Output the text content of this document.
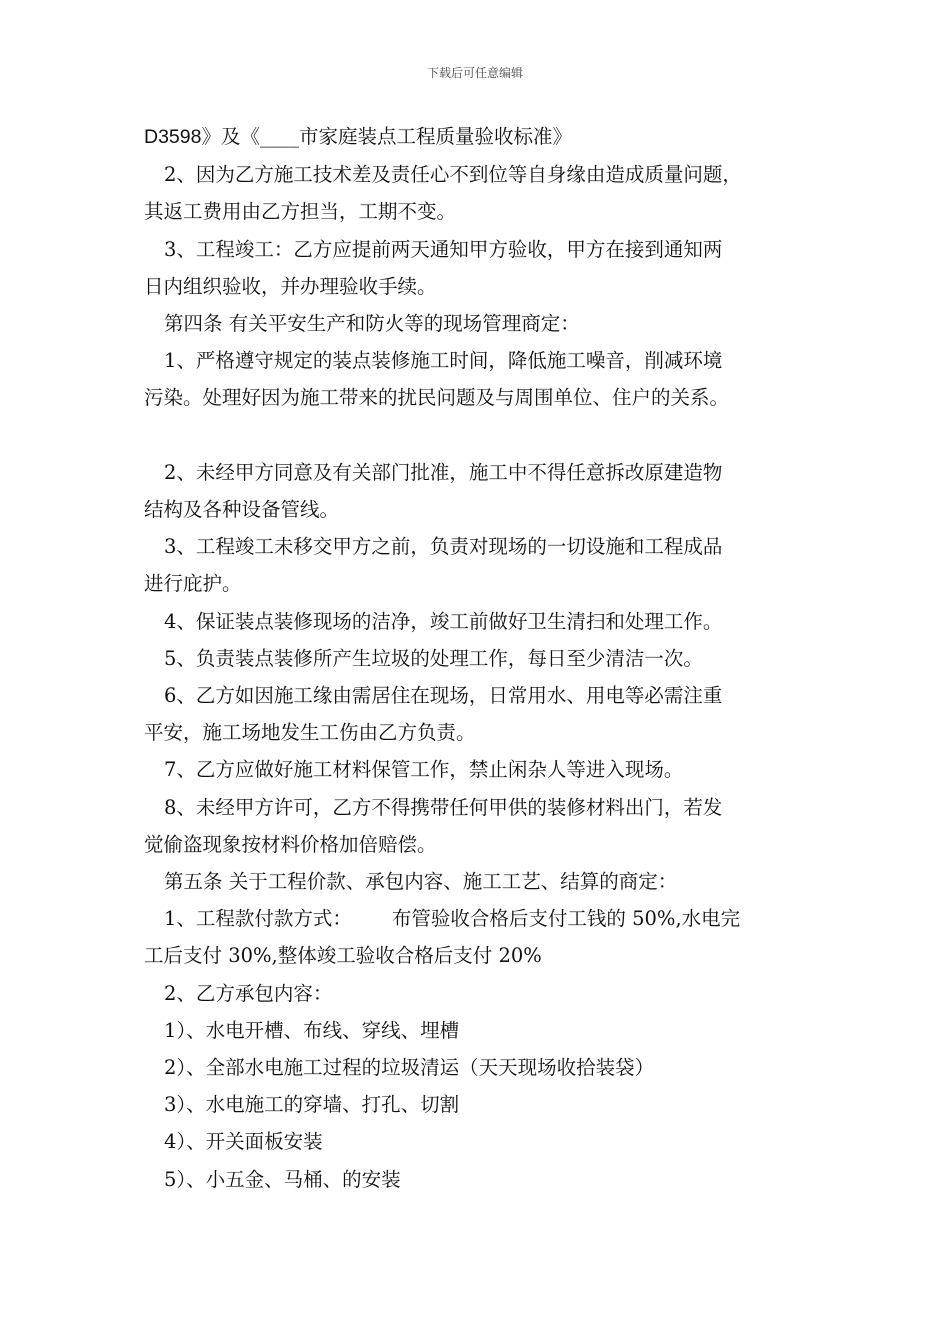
下载后可任意编辑

D3598》及《____市家庭装点工程质量验收标准》

2、因为乙方施工技术差及责任心不到位等自身缘由造成质量问题，

其返工费用由乙方担当，工期不变。

3、工程竣工：乙方应提前两天通知甲方验收，甲方在接到通知两

日内组织验收，并办理验收手续。

第四条 有关平安生产和防火等的现场管理商定：

1、严格遵守规定的装点装修施工时间，降低施工噪音，削减环境

污染。处理好因为施工带来的扰民问题及与周围单位、住户的关系。

2、未经甲方同意及有关部门批准，施工中不得任意拆改原建造物

结构及各种设备管线。

3、工程竣工未移交甲方之前，负责对现场的一切设施和工程成品

进行庇护。

4、保证装点装修现场的洁净，竣工前做好卫生清扫和处理工作。

5、负责装点装修所产生垃圾的处理工作，每日至少清洁一次。

6、乙方如因施工缘由需居住在现场，日常用水、用电等必需注重

平安，施工场地发生工伤由乙方负责。

7、乙方应做好施工材料保管工作，禁止闲杂人等进入现场。

8、未经甲方许可，乙方不得携带任何甲供的装修材料出门，若发

觉偷盗现象按材料价格加倍赔偿。

第五条 关于工程价款、承包内容、施工工艺、结算的商定：

1、工程款付款方式： 布管验收合格后支付工钱的 50%,水电完

工后支付 30%,整体竣工验收合格后支付 20%

2、乙方承包内容：

1）、水电开槽、布线、穿线、埋槽

2）、全部水电施工过程的垃圾清运（天天现场收拾装袋）

3）、水电施工的穿墙、打孔、切割

4）、开关面板安装

5）、小五金、马桶、的安装
